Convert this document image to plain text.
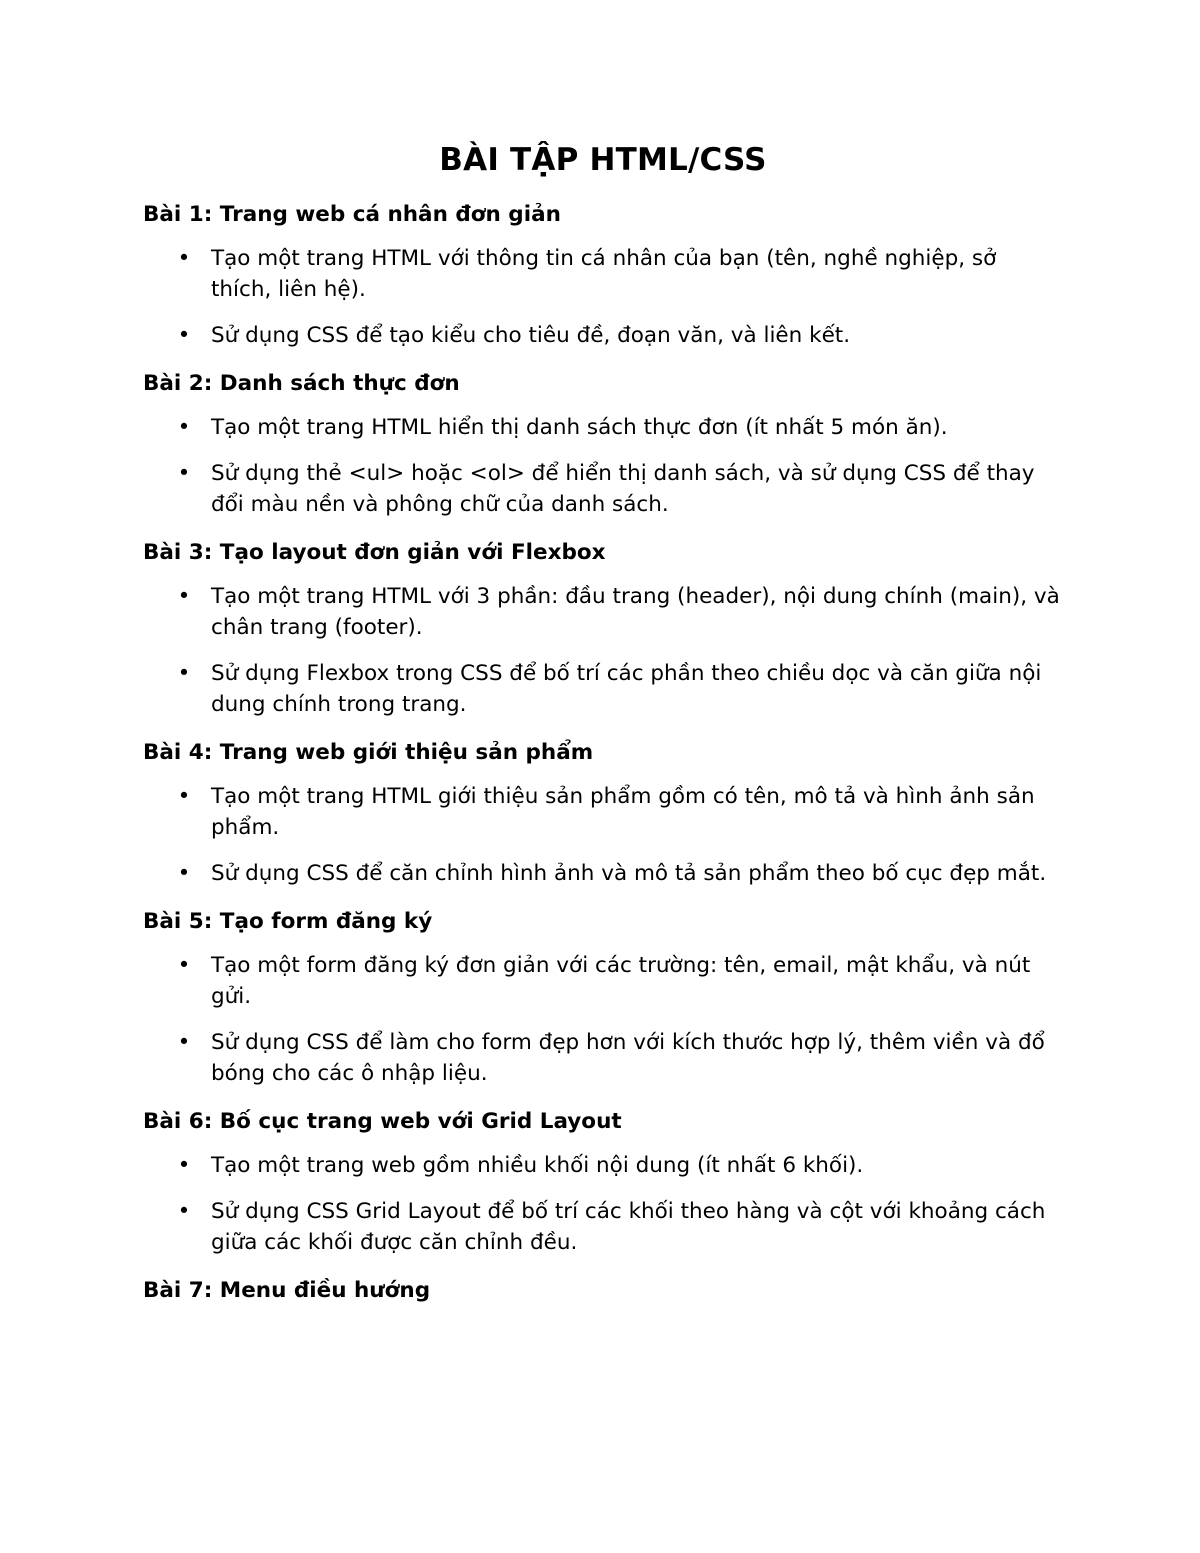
BÀI TẬP HTML/CSS
Bài 1: Trang web cá nhân đơn giản
• Tạo một trang HTML với thông tin cá nhân của bạn (tên, nghề nghiệp, sở thích, liên hệ).
• Sử dụng CSS để tạo kiểu cho tiêu đề, đoạn văn, và liên kết.
Bài 2: Danh sách thực đơn
• Tạo một trang HTML hiển thị danh sách thực đơn (ít nhất 5 món ăn).
• Sử dụng thẻ <ul> hoặc <ol> để hiển thị danh sách, và sử dụng CSS để thay đổi màu nền và phông chữ của danh sách.
Bài 3: Tạo layout đơn giản với Flexbox
• Tạo một trang HTML với 3 phần: đầu trang (header), nội dung chính (main), và chân trang (footer).
• Sử dụng Flexbox trong CSS để bố trí các phần theo chiều dọc và căn giữa nội dung chính trong trang.
Bài 4: Trang web giới thiệu sản phẩm
• Tạo một trang HTML giới thiệu sản phẩm gồm có tên, mô tả và hình ảnh sản phẩm.
• Sử dụng CSS để căn chỉnh hình ảnh và mô tả sản phẩm theo bố cục đẹp mắt.
Bài 5: Tạo form đăng ký
• Tạo một form đăng ký đơn giản với các trường: tên, email, mật khẩu, và nút gửi.
• Sử dụng CSS để làm cho form đẹp hơn với kích thước hợp lý, thêm viền và đổ bóng cho các ô nhập liệu.
Bài 6: Bố cục trang web với Grid Layout
• Tạo một trang web gồm nhiều khối nội dung (ít nhất 6 khối).
• Sử dụng CSS Grid Layout để bố trí các khối theo hàng và cột với khoảng cách giữa các khối được căn chỉnh đều.
Bài 7: Menu điều hướng
